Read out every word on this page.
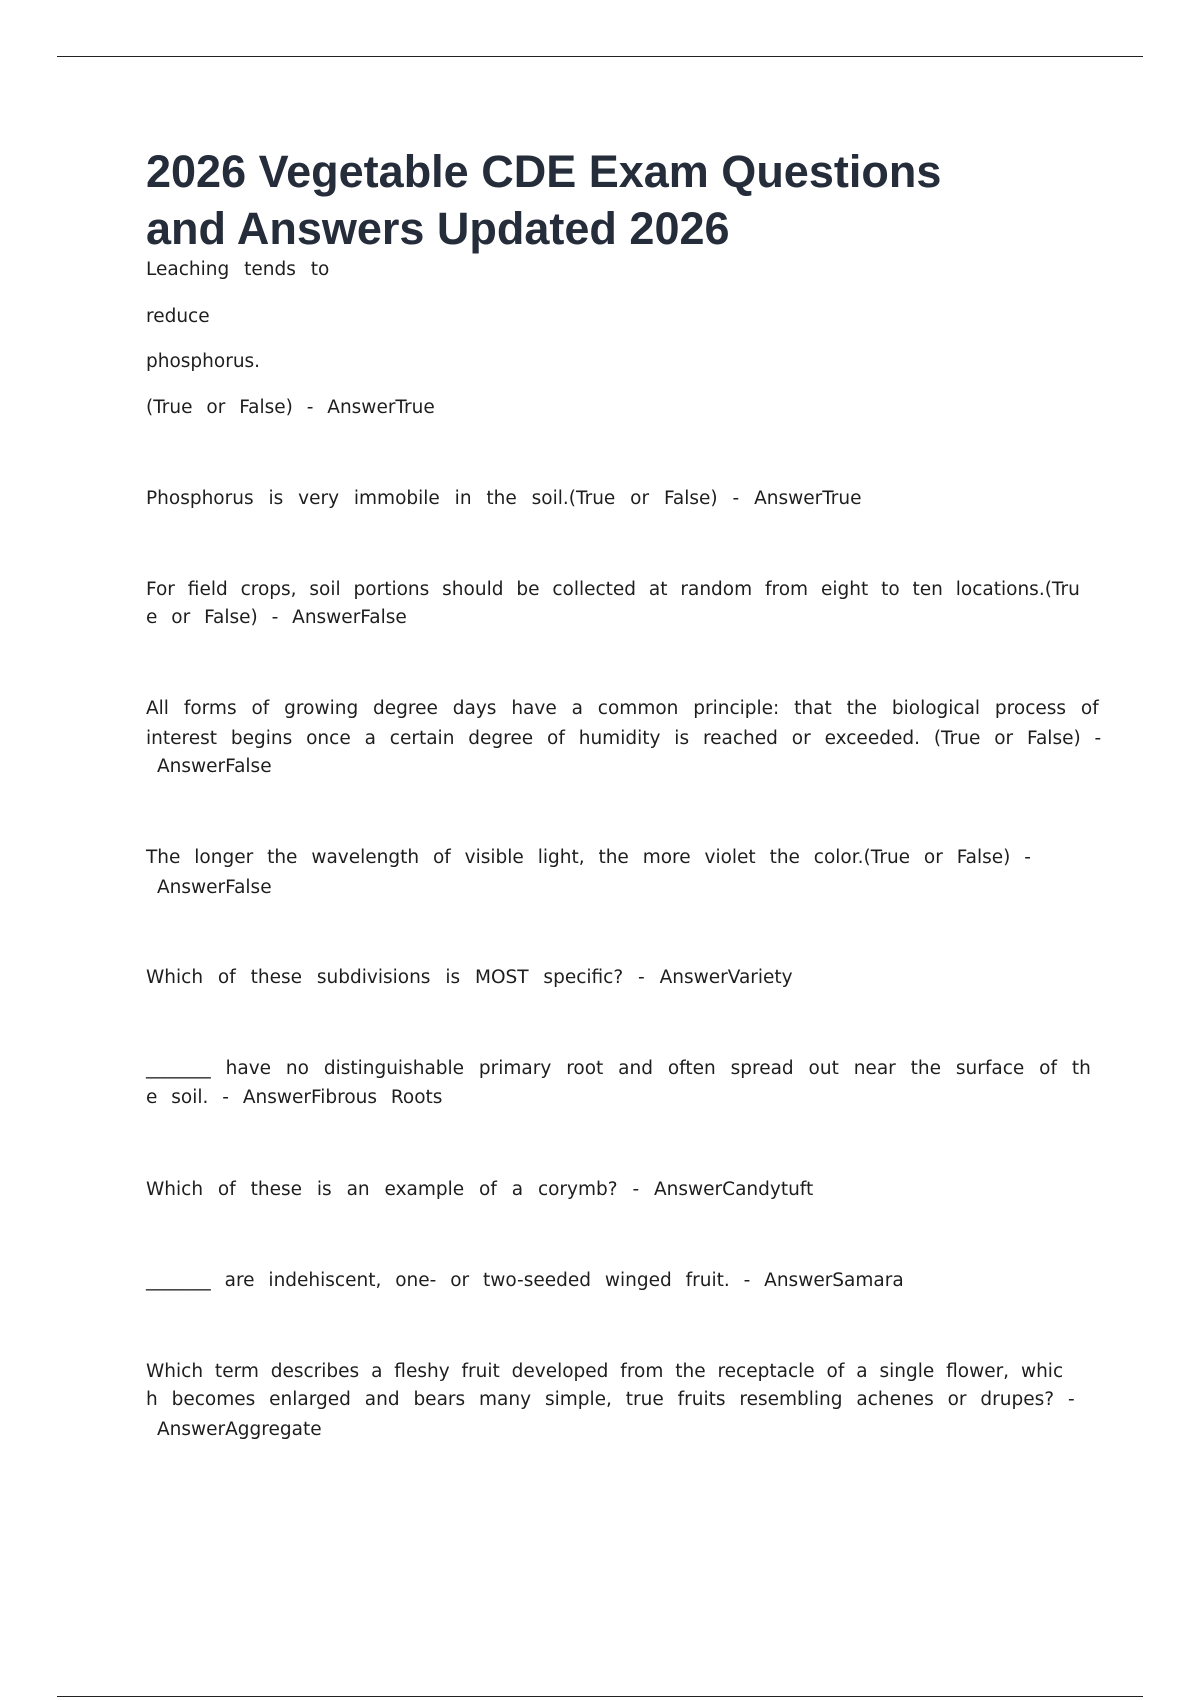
2026 Vegetable CDE Exam Questions
and Answers Updated 2026
Leaching tends to
reduce
phosphorus.
(True or False) - AnswerTrue
Phosphorus is very immobile in the soil.(True or False) - AnswerTrue
For field crops, soil portions should be collected at random from eight to ten locations.(Tru
e or False) - AnswerFalse
All forms of growing degree days have a common principle: that the biological process of
interest begins once a certain degree of humidity is reached or exceeded. (True or False) -
AnswerFalse
The longer the wavelength of visible light, the more violet the color.(True or False) -
AnswerFalse
Which of these subdivisions is MOST specific? - AnswerVariety
_______ have no distinguishable primary root and often spread out near the surface of th
e soil. - AnswerFibrous Roots
Which of these is an example of a corymb? - AnswerCandytuft
_______ are indehiscent, one- or two-seeded winged fruit. - AnswerSamara
Which term describes a fleshy fruit developed from the receptacle of a single flower, whic
h becomes enlarged and bears many simple, true fruits resembling achenes or drupes? -
AnswerAggregate
